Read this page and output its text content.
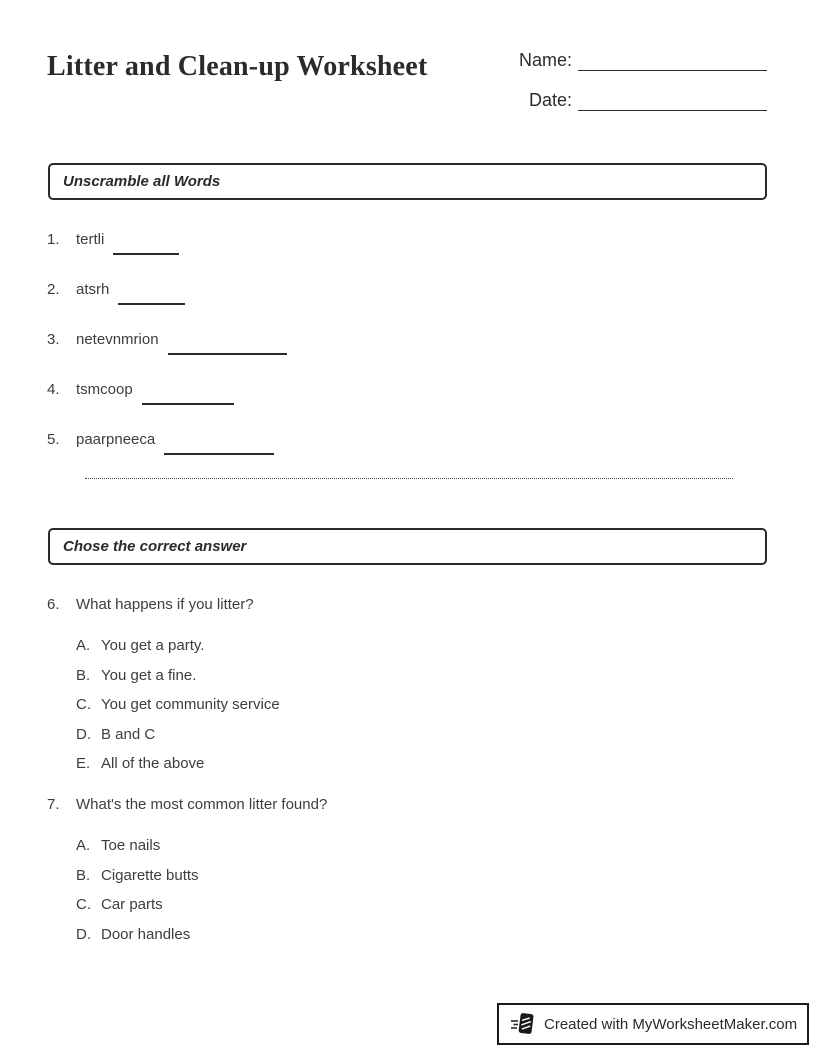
Litter and Clean-up Worksheet	Name:
Date:
Unscramble all Words
1.	tertli
2.	atsrh
3.	netevnmrion
4.	tsmcoop
5.	paarpneeca
Chose the correct answer
6.	What happens if you litter?
A. You get a party.
B. You get a fine.
C. You get community service
D. B and C
E. All of the above
7.	What's the most common litter found?
A. Toe nails
B. Cigarette butts
C. Car parts
D. Door handles
Created with MyWorksheetMaker.com
